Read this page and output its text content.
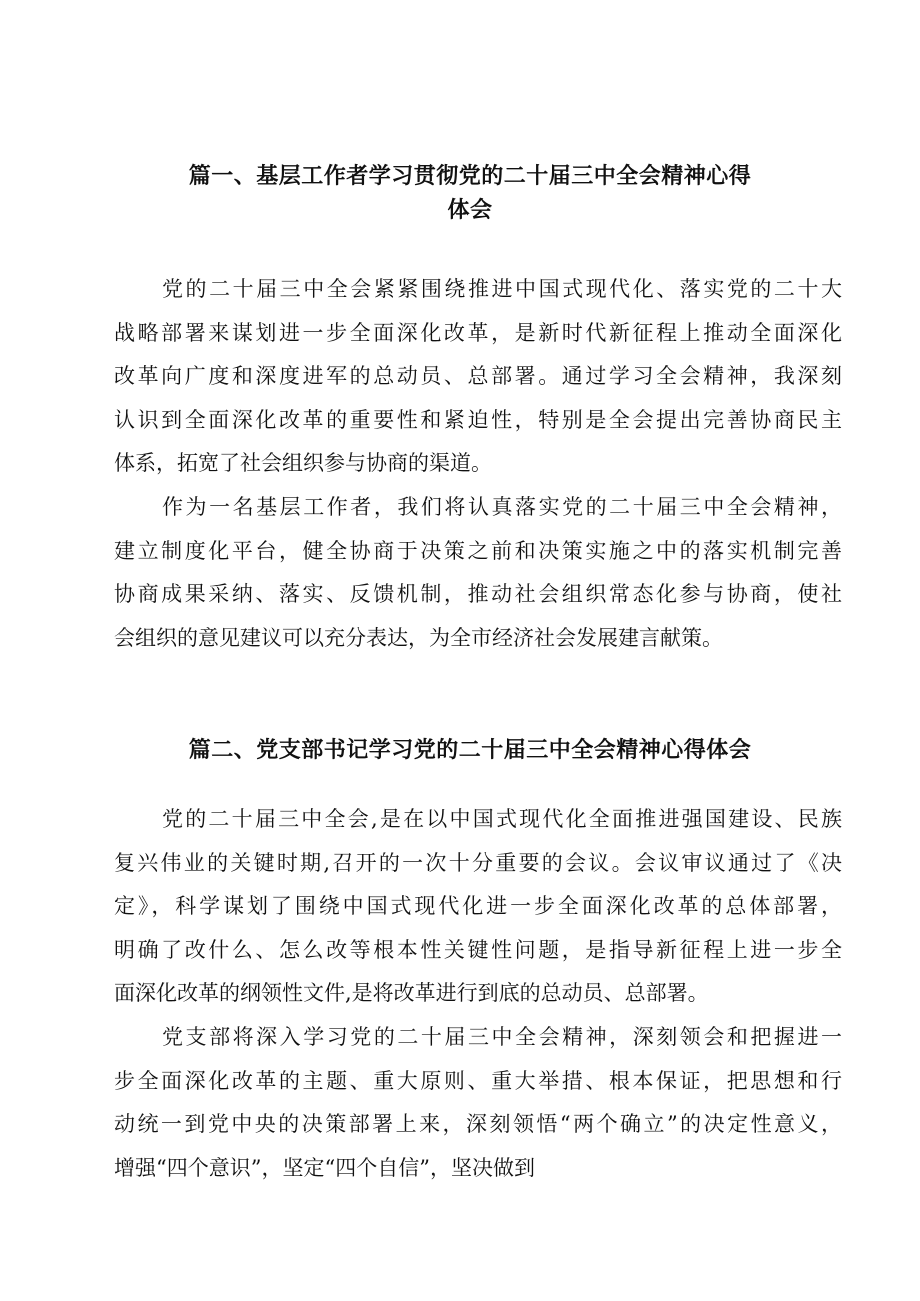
篇一、基层工作者学习贯彻党的二十届三中全会精神心得
体会
党的二十届三中全会紧紧围绕推进中国式现代化、落实党的二十大
战略部署来谋划进一步全面深化改革，是新时代新征程上推动全面深化
改革向广度和深度进军的总动员、总部署。通过学习全会精神，我深刻
认识到全面深化改革的重要性和紧迫性，特别是全会提出完善协商民主
体系，拓宽了社会组织参与协商的渠道。
作为一名基层工作者，我们将认真落实党的二十届三中全会精神，
建立制度化平台，健全协商于决策之前和决策实施之中的落实机制完善
协商成果采纳、落实、反馈机制，推动社会组织常态化参与协商，使社
会组织的意见建议可以充分表达，为全市经济社会发展建言献策。
篇二、党支部书记学习党的二十届三中全会精神心得体会
党的二十届三中全会,是在以中国式现代化全面推进强国建设、民族
复兴伟业的关键时期,召开的一次十分重要的会议。会议审议通过了《决
定》，科学谋划了围绕中国式现代化进一步全面深化改革的总体部署，
明确了改什么、怎么改等根本性关键性问题，是指导新征程上进一步全
面深化改革的纲领性文件,是将改革进行到底的总动员、总部署。
党支部将深入学习党的二十届三中全会精神，深刻领会和把握进一
步全面深化改革的主题、重大原则、重大举措、根本保证，把思想和行
动统一到党中央的决策部署上来，深刻领悟“两个确立”的决定性意义，
增强“四个意识”，坚定“四个自信”，坚决做到
